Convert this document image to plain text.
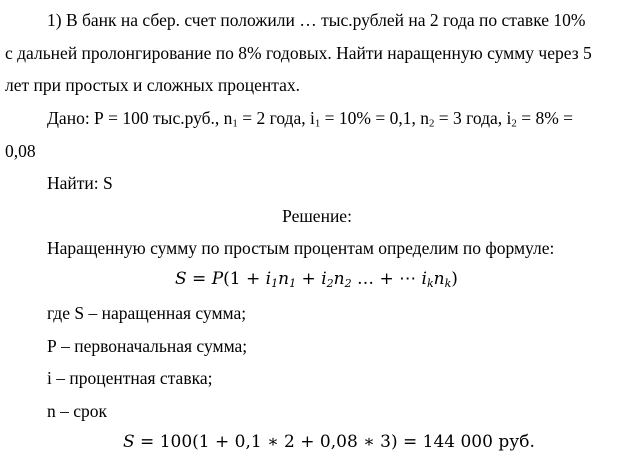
1) В банк на сбер. счет положили … тыс.рублей на 2 года по ставке 10%
с дальней пролонгирование по 8% годовых. Найти наращенную сумму через 5
лет при простых и сложных процентах.
Дано: Р = 100 тыс.руб., $n_1 = 2$ года, $i_1 = 10\% = 0,1$, $n_2 = 3$ года, $i_2 = 8\%$ =
0,08
Найти: S
Решение:
Наращенную сумму по простым процентам определим по формуле:
$S = P(1 + i_1n_1 + i_2n_2$ … + ⋯ $i_kn_k$)
где S – наращенная сумма;
Р – первоначальная сумма;
i – процентная ставка;
n – срок
𝑆 = 100(1 + 0,1 ∗ 2 + 0,08 ∗ 3) = 144 000 руб.
